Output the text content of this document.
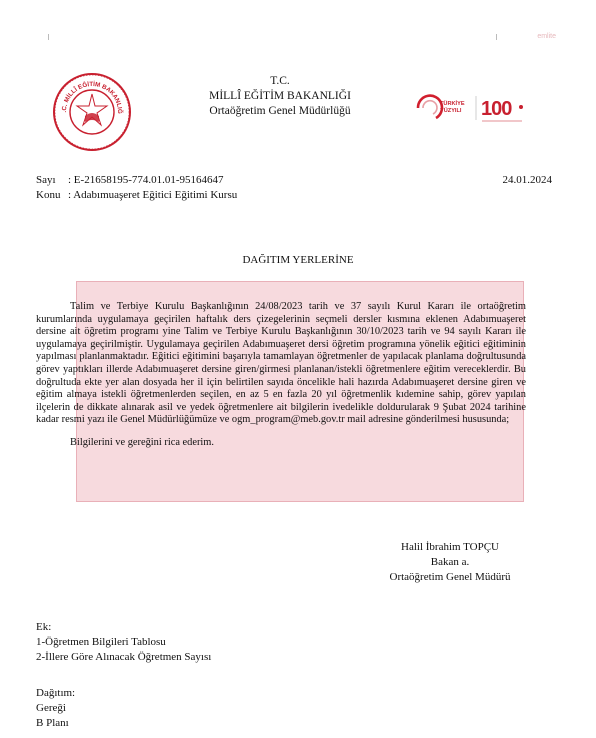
emlite
.C. MİLLÎ EĞİTİM BAKANLIĞ
T.C.
MİLLÎ EĞİTİM BAKANLIĞI
Ortaöğretim Genel Müdürlüğü
TÜRKİYE
YÜZYILI 100
Sayı : E-21658195-774.01.01-95164647
Konu : Adabımuaşeret Eğitici Eğitimi Kursu
24.01.2024
DAĞITIM YERLERİNE

Talim ve Terbiye Kurulu Başkanlığının 24/08/2023 tarih ve 37 sayılı Kurul Kararı ile ortaöğretim kurumlarında uygulamaya geçirilen haftalık ders çizegelerinin seçmeli dersler kısmına eklenen Adabımuaşeret dersine ait öğretim programı yine Talim ve Terbiye Kurulu Başkanlığının 30/10/2023 tarih ve 94 sayılı Kararı ile uygulamaya geçirilmiştir. Uygulamaya geçirilen Adabımuaşeret dersi öğretim programına yönelik eğitici eğitiminin yapılması planlanmaktadır. Eğitici eğitimini başarıyla tamamlayan öğretmenler de yapılacak planlama doğrultusunda görev yaptıkları illerde Adabımuaşeret dersine giren/girmesi planlanan/istekli öğretmenlere eğitim vereceklerdir. Bu doğrultuda ekte yer alan dosyada her il için belirtilen sayıda öncelikle hali hazırda Adabımuaşeret dersine giren ve eğitim almaya istekli öğretmenlerden seçilen, en az 5 en fazla 20 yıl öğretmenlik kıdemine sahip, görev yapılan ilçelerin de dikkate alınarak asil ve yedek öğretmenlere ait bilgilerin ivedelikle doldurularak 9 Şubat 2024 tarihine kadar resmi yazı ile Genel Müdürlüğümüze ve ogm_program@meb.gov.tr mail adresine gönderilmesi hususunda;

Bilgilerini ve gereğini rica ederim.

Halil İbrahim TOPÇU
Bakan a.
Ortaöğretim Genel Müdürü
Ek:
1-Öğretmen Bilgileri Tablosu
2-İllere Göre Alınacak Öğretmen Sayısı
Dağıtım:
Gereği
B Planı
